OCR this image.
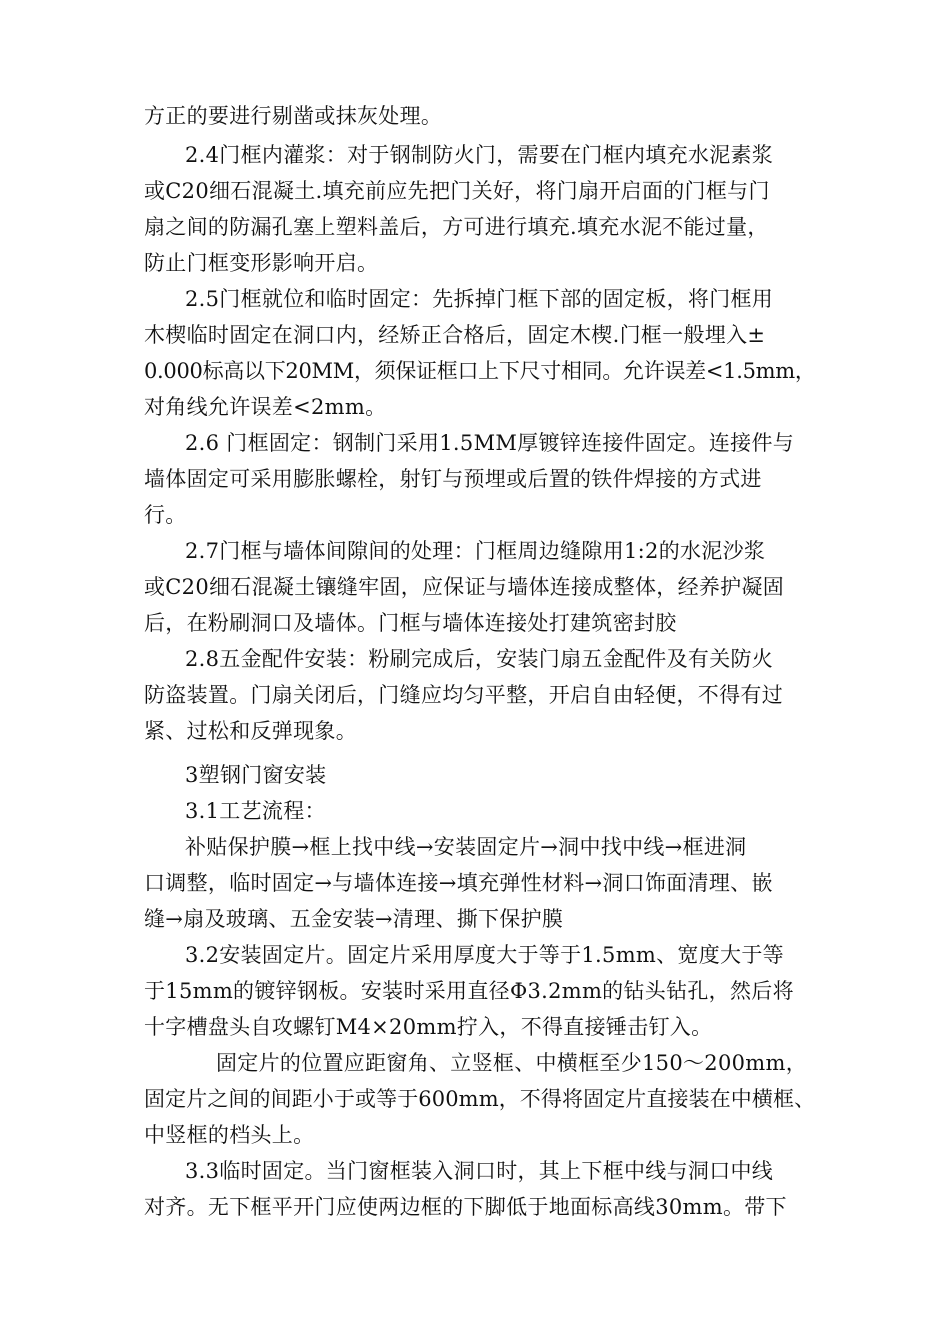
方正的要进行剔凿或抹灰处理。
2.4门框内灌浆：对于钢制防火门，需要在门框内填充水泥素浆
或C20细石混凝土.填充前应先把门关好，将门扇开启面的门框与门
扇之间的防漏孔塞上塑料盖后，方可进行填充.填充水泥不能过量，
防止门框变形影响开启。
2.5门框就位和临时固定：先拆掉门框下部的固定板，将门框用
木楔临时固定在洞口内，经矫正合格后，固定木楔.门框一般埋入±
0.000标高以下20MM，须保证框口上下尺寸相同。允许误差<1.5mm，
对角线允许误差<2mm。
2.6 门框固定：钢制门采用1.5MM厚镀锌连接件固定。连接件与
墙体固定可采用膨胀螺栓，射钉与预埋或后置的铁件焊接的方式进
行。
2.7门框与墙体间隙间的处理：门框周边缝隙用1:2的水泥沙浆
或C20细石混凝土镶缝牢固，应保证与墙体连接成整体，经养护凝固
后，在粉刷洞口及墙体。门框与墙体连接处打建筑密封胶
2.8五金配件安装：粉刷完成后，安装门扇五金配件及有关防火
防盗装置。门扇关闭后，门缝应均匀平整，开启自由轻便，不得有过
紧、过松和反弹现象。
3塑钢门窗安装
3.1工艺流程：
补贴保护膜→框上找中线→安装固定片→洞中找中线→框进洞
口调整，临时固定→与墙体连接→填充弹性材料→洞口饰面清理、嵌
缝→扇及玻璃、五金安装→清理、撕下保护膜
3.2安装固定片。固定片采用厚度大于等于1.5mm、宽度大于等
于15mm的镀锌钢板。安装时采用直径Φ3.2mm的钻头钻孔，然后将
十字槽盘头自攻螺钉M4×20mm拧入，不得直接锤击钉入。
固定片的位置应距窗角、立竖框、中横框至少150～200mm，
固定片之间的间距小于或等于600mm，不得将固定片直接装在中横框、
中竖框的档头上。
3.3临时固定。当门窗框装入洞口时，其上下框中线与洞口中线
对齐。无下框平开门应使两边框的下脚低于地面标高线30mm。带下
